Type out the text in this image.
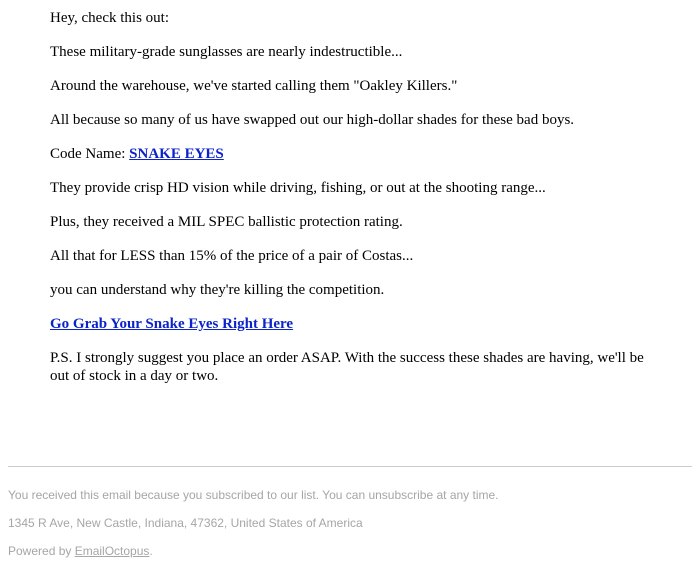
Hey, check this out:

These military-grade sunglasses are nearly indestructible...

Around the warehouse, we've started calling them "Oakley Killers."

All because so many of us have swapped out our high-dollar shades for these bad boys.

Code Name: SNAKE EYES

They provide crisp HD vision while driving, fishing, or out at the shooting range...

Plus, they received a MIL SPEC ballistic protection rating.

All that for LESS than 15% of the price of a pair of Costas...

you can understand why they're killing the competition.

Go Grab Your Snake Eyes Right Here

P.S. I strongly suggest you place an order ASAP. With the success these shades are having, we'll be out of stock in a day or two.

You received this email because you subscribed to our list. You can unsubscribe at any time.

1345 R Ave, New Castle, Indiana, 47362, United States of America

Powered by EmailOctopus.
